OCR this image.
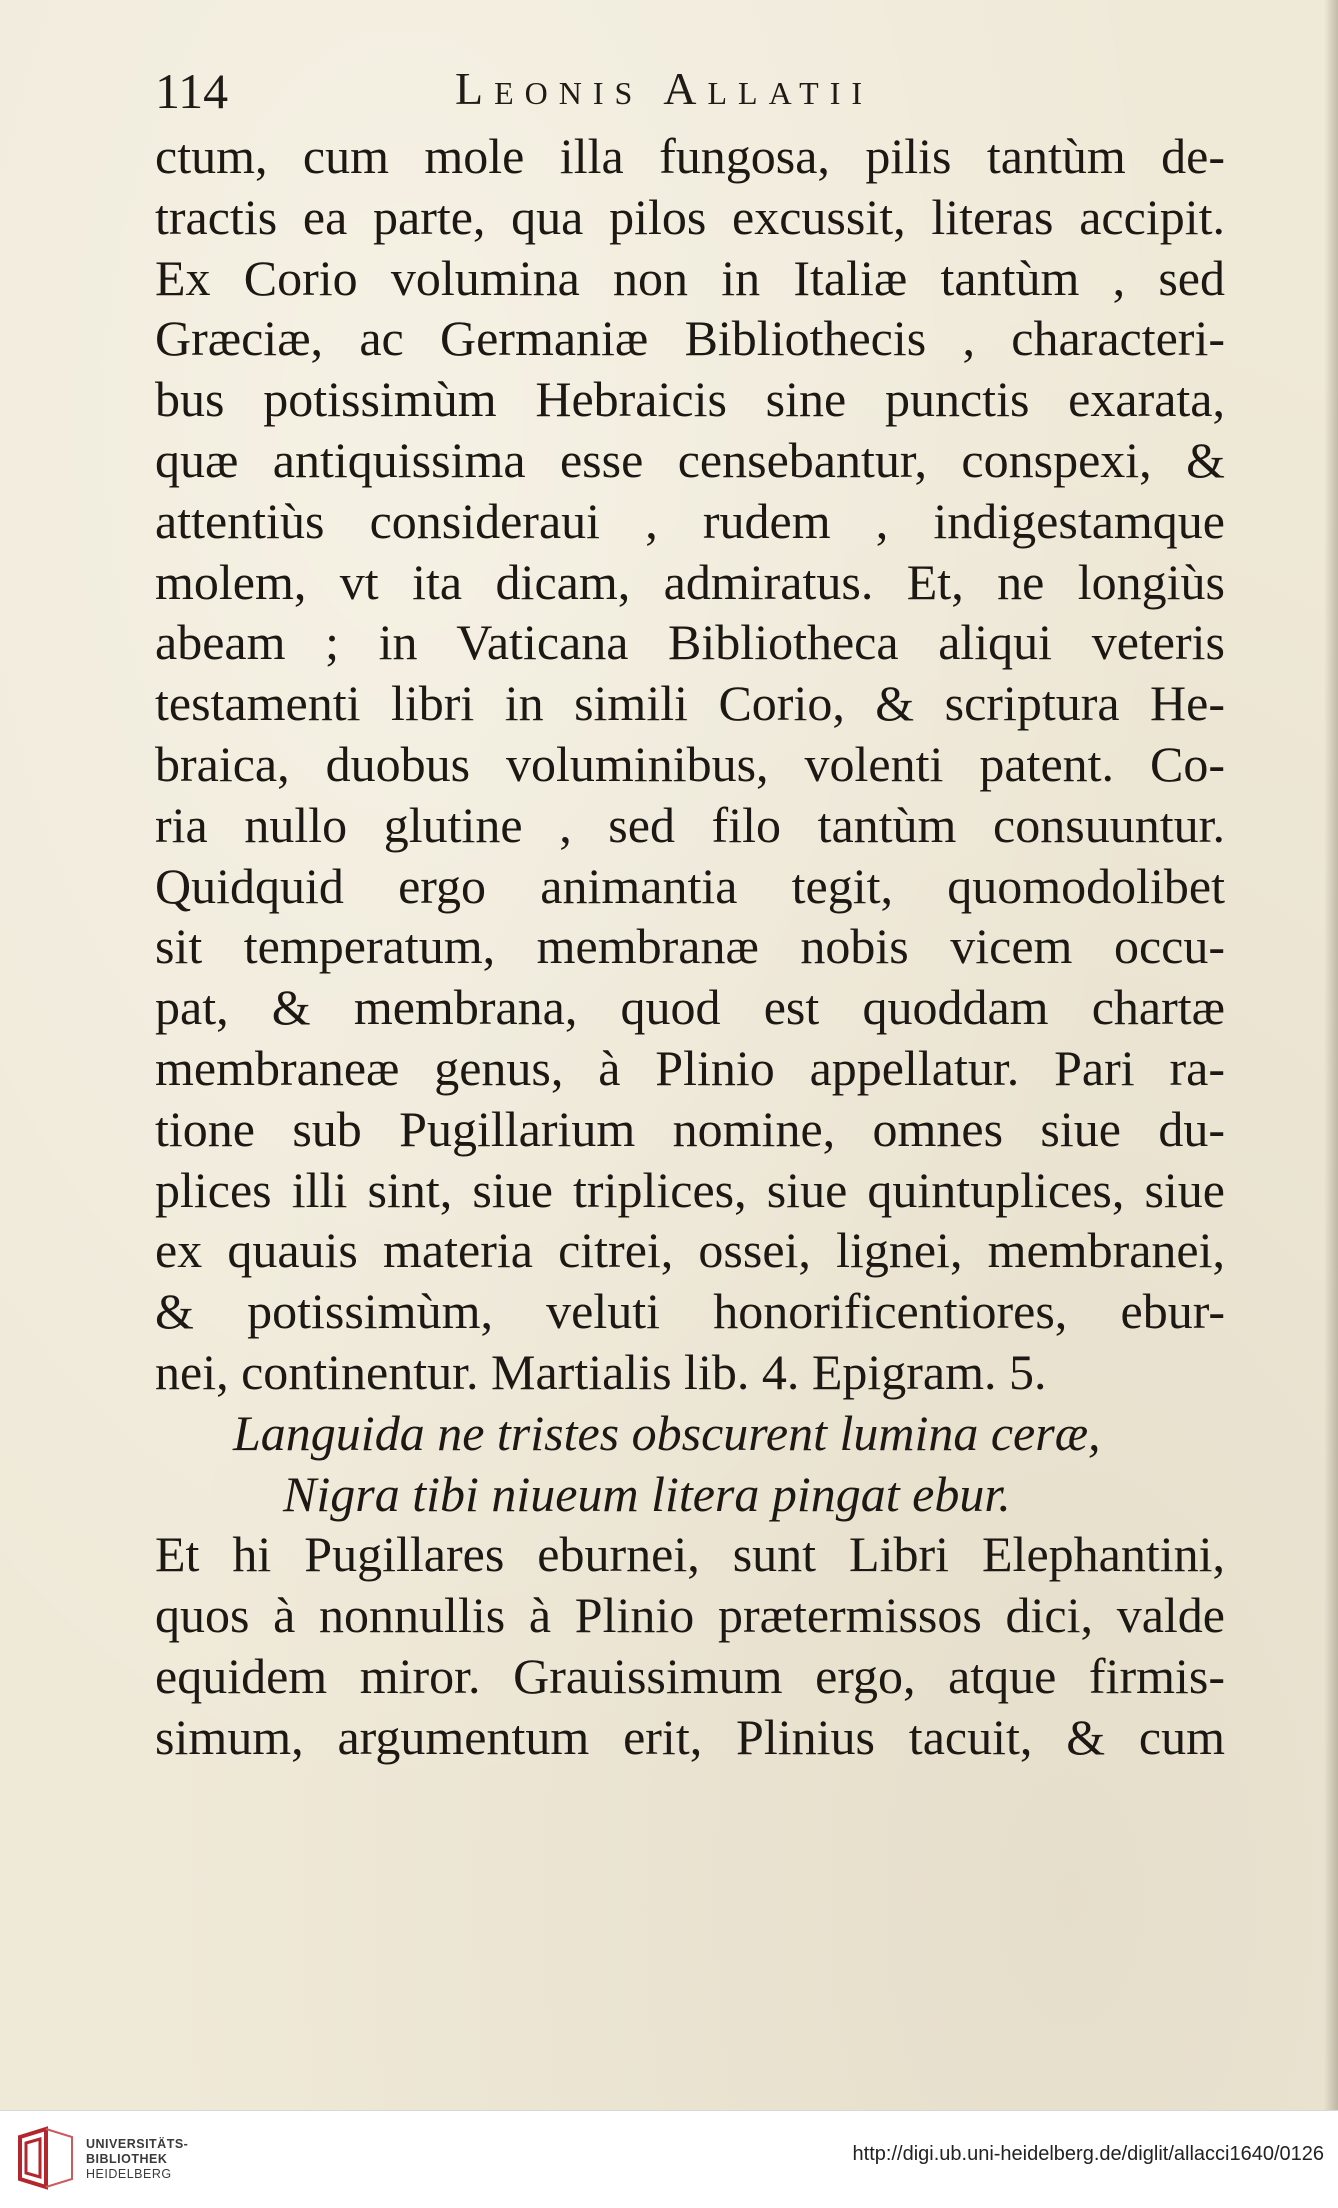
114	Leonis Allatii
ctum, cum mole illa fungosa, pilis tantùm de-
tractis ea parte, qua pilos excussit, literas accipit.
Ex Corio volumina non in Italiæ tantùm , sed
Græciæ, ac Germaniæ Bibliothecis , characteri-
bus potissimùm Hebraicis sine punctis exarata,
quæ antiquissima esse censebantur, conspexi, &
attentiùs consideraui , rudem , indigestamque
molem, vt ita dicam, admiratus. Et, ne longiùs
abeam ; in Vaticana Bibliotheca aliqui veteris
testamenti libri in simili Corio, & scriptura He-
braica, duobus voluminibus, volenti patent. Co-
ria nullo glutine , sed filo tantùm consuuntur.
Quidquid ergo animantia tegit, quomodolibet
sit temperatum, membranæ nobis vicem occu-
pat, & membrana, quod est quoddam chartæ
membraneæ genus, à Plinio appellatur. Pari ra-
tione sub Pugillarium nomine, omnes siue du-
plices illi sint, siue triplices, siue quintuplices, siue
ex quauis materia citrei, ossei, lignei, membranei,
& potissimùm, veluti honorificentiores, ebur-
nei, continentur. Martialis lib. 4. Epigram. 5.
Languida ne tristes obscurent lumina ceræ,
Nigra tibi niueum litera pingat ebur.
Et hi Pugillares eburnei, sunt Libri Elephantini,
quos à nonnullis à Plinio prætermissos dici, valde
equidem miror. Grauissimum ergo, atque firmis-
simum, argumentum erit, Plinius tacuit, & cum
UNIVERSITÄTS-
BIBLIOTHEK
HEIDELBERG
http://digi.ub.uni-heidelberg.de/diglit/allacci1640/0126
